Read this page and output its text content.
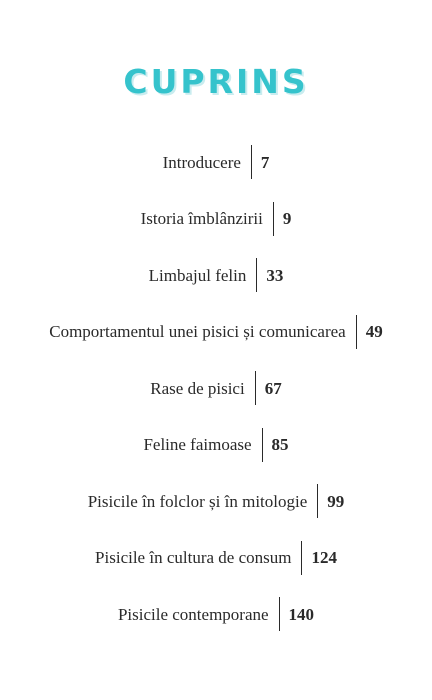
CUPRINS
Introducere 7
Istoria îmblânzirii 9
Limbajul felin 33
Comportamentul unei pisici și comunicarea 49
Rase de pisici 67
Feline faimoase 85
Pisicile în folclor și în mitologie 99
Pisicile în cultura de consum 124
Pisicile contemporane 140
